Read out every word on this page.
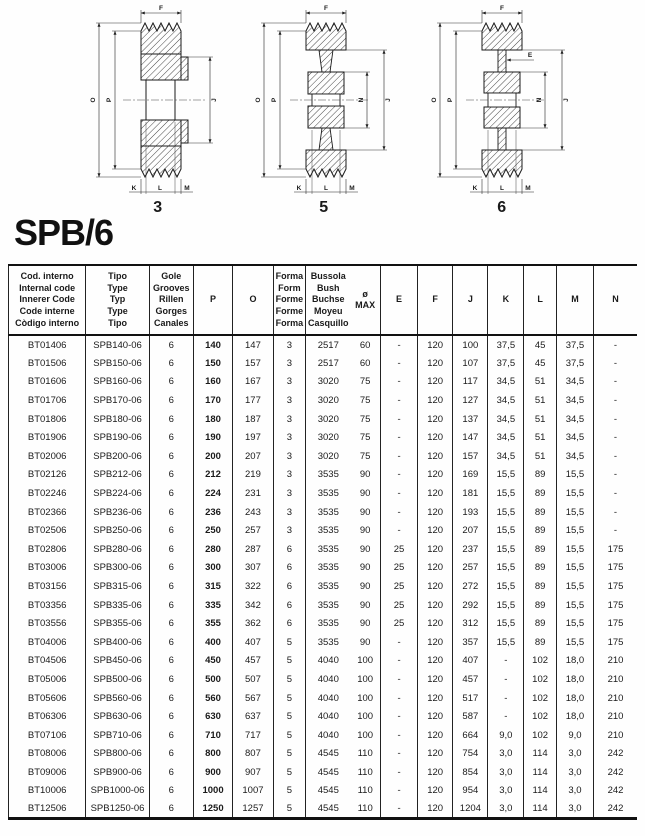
F
O P	J
K	L	M
3
F
O P	N	J
K	L	M
5
F
E
O P	N	J
K	L	M
6
SPB/6
Cod. interno
Internal code
Innerer Code
Code interne
Còdigo interno

Tipo
Type
Typ
Type
Tipo

Gole
Grooves
Rillen
Gorges
Canales

P	O

Forma
Form
Forme
Forme
Forma

Bussola
Bush
Buchse
Moyeu
Casquillo

ø
MAX

E	F	J	K	L	M	N

BT01406	SPB140-06	6	140	147	3	2517	60	-	120	100	37,5	45	37,5	-
BT01506	SPB150-06	6	150	157	3	2517	60	-	120	107	37,5	45	37,5	-
BT01606	SPB160-06	6	160	167	3	3020	75	-	120	117	34,5	51	34,5	-
BT01706	SPB170-06	6	170	177	3	3020	75	-	120	127	34,5	51	34,5	-
BT01806	SPB180-06	6	180	187	3	3020	75	-	120	137	34,5	51	34,5	-
BT01906	SPB190-06	6	190	197	3	3020	75	-	120	147	34,5	51	34,5	-
BT02006	SPB200-06	6	200	207	3	3020	75	-	120	157	34,5	51	34,5	-
BT02126	SPB212-06	6	212	219	3	3535	90	-	120	169	15,5	89	15,5	-
BT02246	SPB224-06	6	224	231	3	3535	90	-	120	181	15,5	89	15,5	-
BT02366	SPB236-06	6	236	243	3	3535	90	-	120	193	15,5	89	15,5	-
BT02506	SPB250-06	6	250	257	3	3535	90	-	120	207	15,5	89	15,5	-
BT02806	SPB280-06	6	280	287	6	3535	90	25	120	237	15,5	89	15,5	175
BT03006	SPB300-06	6	300	307	6	3535	90	25	120	257	15,5	89	15,5	175
BT03156	SPB315-06	6	315	322	6	3535	90	25	120	272	15,5	89	15,5	175
BT03356	SPB335-06	6	335	342	6	3535	90	25	120	292	15,5	89	15,5	175
BT03556	SPB355-06	6	355	362	6	3535	90	25	120	312	15,5	89	15,5	175
BT04006	SPB400-06	6	400	407	5	3535	90	-	120	357	15,5	89	15,5	175
BT04506	SPB450-06	6	450	457	5	4040	100	-	120	407	-	102	18,0	210
BT05006	SPB500-06	6	500	507	5	4040	100	-	120	457	-	102	18,0	210
BT05606	SPB560-06	6	560	567	5	4040	100	-	120	517	-	102	18,0	210
BT06306	SPB630-06	6	630	637	5	4040	100	-	120	587	-	102	18,0	210
BT07106	SPB710-06	6	710	717	5	4040	100	-	120	664	9,0	102	9,0	210
BT08006	SPB800-06	6	800	807	5	4545	110	-	120	754	3,0	114	3,0	242
BT09006	SPB900-06	6	900	907	5	4545	110	-	120	854	3,0	114	3,0	242
BT10006	SPB1000-06	6	1000	1007	5	4545	110	-	120	954	3,0	114	3,0	242
BT12506	SPB1250-06	6	1250	1257	5	4545	110	-	120	1204	3,0	114	3,0	242
